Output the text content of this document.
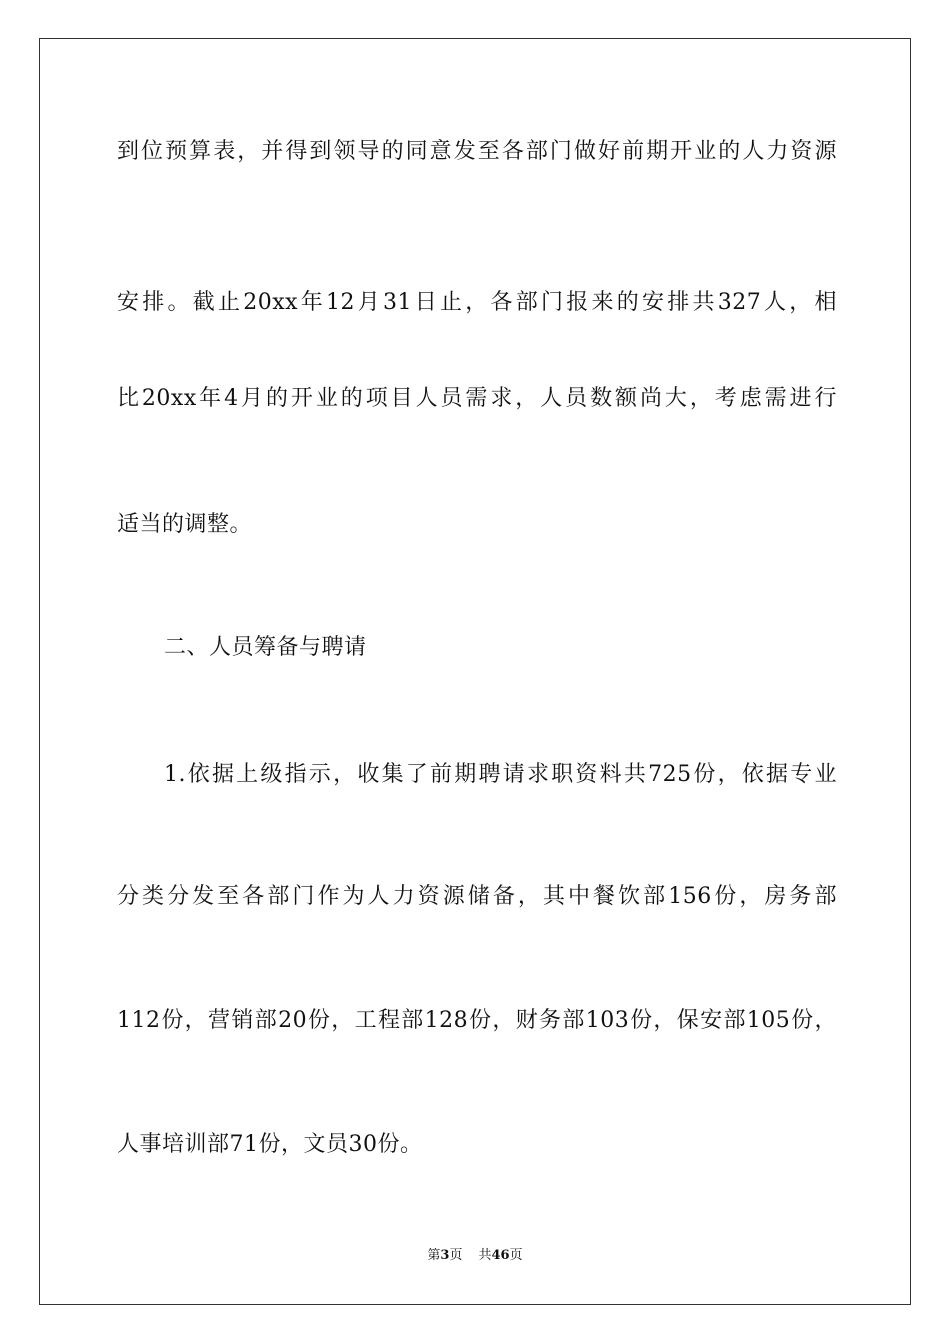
到位预算表，并得到领导的同意发至各部门做好前期开业的人力资源
安排。截止20xx年12月31日止，各部门报来的安排共327人，相
比20xx年4月的开业的项目人员需求，人员数额尚大，考虑需进行
适当的调整。
二、人员筹备与聘请
1.依据上级指示，收集了前期聘请求职资料共725份，依据专业
分类分发至各部门作为人力资源储备，其中餐饮部156份，房务部
112份，营销部20份，工程部128份，财务部103份，保安部105份，
人事培训部71份，文员30份。
第3页 共46页
